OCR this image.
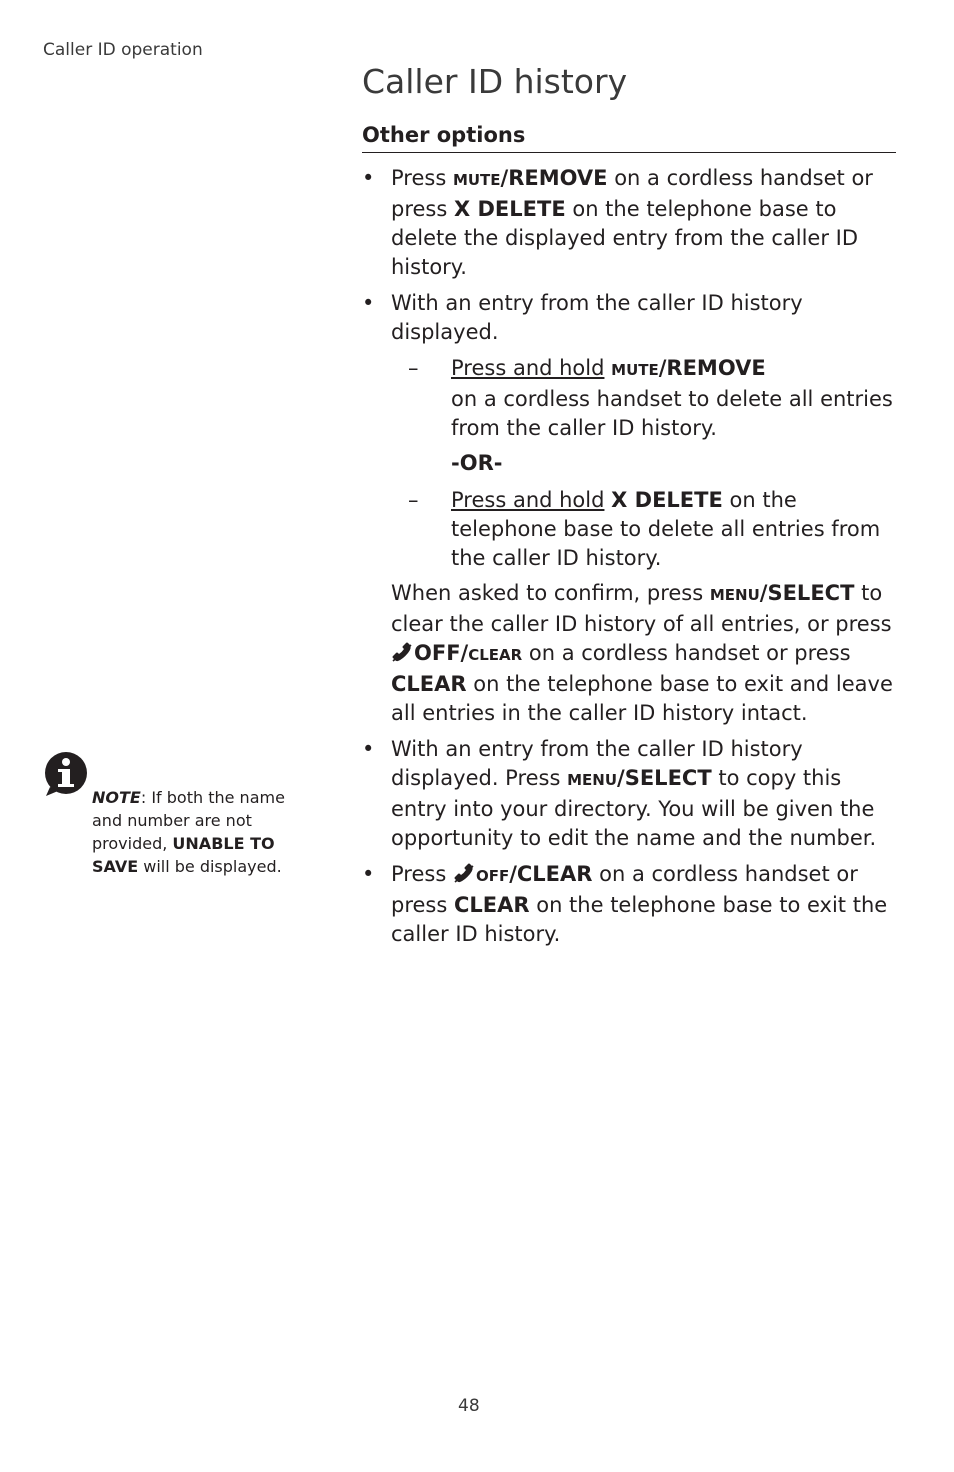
Caller ID operation
Caller ID history
Other options
• Press MUTE/REMOVE on a cordless handset or press X DELETE on the telephone base to delete the displayed entry from the caller ID history.
• With an entry from the caller ID history displayed.
– Press and hold MUTE/REMOVE
on a cordless handset to delete all entries from the caller ID history.
-OR-
– Press and hold X DELETE on the telephone base to delete all entries from the caller ID history.
When asked to confirm, press MENU/SELECT to clear the caller ID history of all entries, or press OFF/CLEAR on a cordless handset or press CLEAR on the telephone base to exit and leave all entries in the caller ID history intact.
• With an entry from the caller ID history displayed. Press MENU/SELECT to copy this entry into your directory. You will be given the opportunity to edit the name and the number.
• Press OFF/CLEAR on a cordless handset or press CLEAR on the telephone base to exit the caller ID history.
NOTE: If both the name and number are not provided, UNABLE TO SAVE will be displayed.
48
